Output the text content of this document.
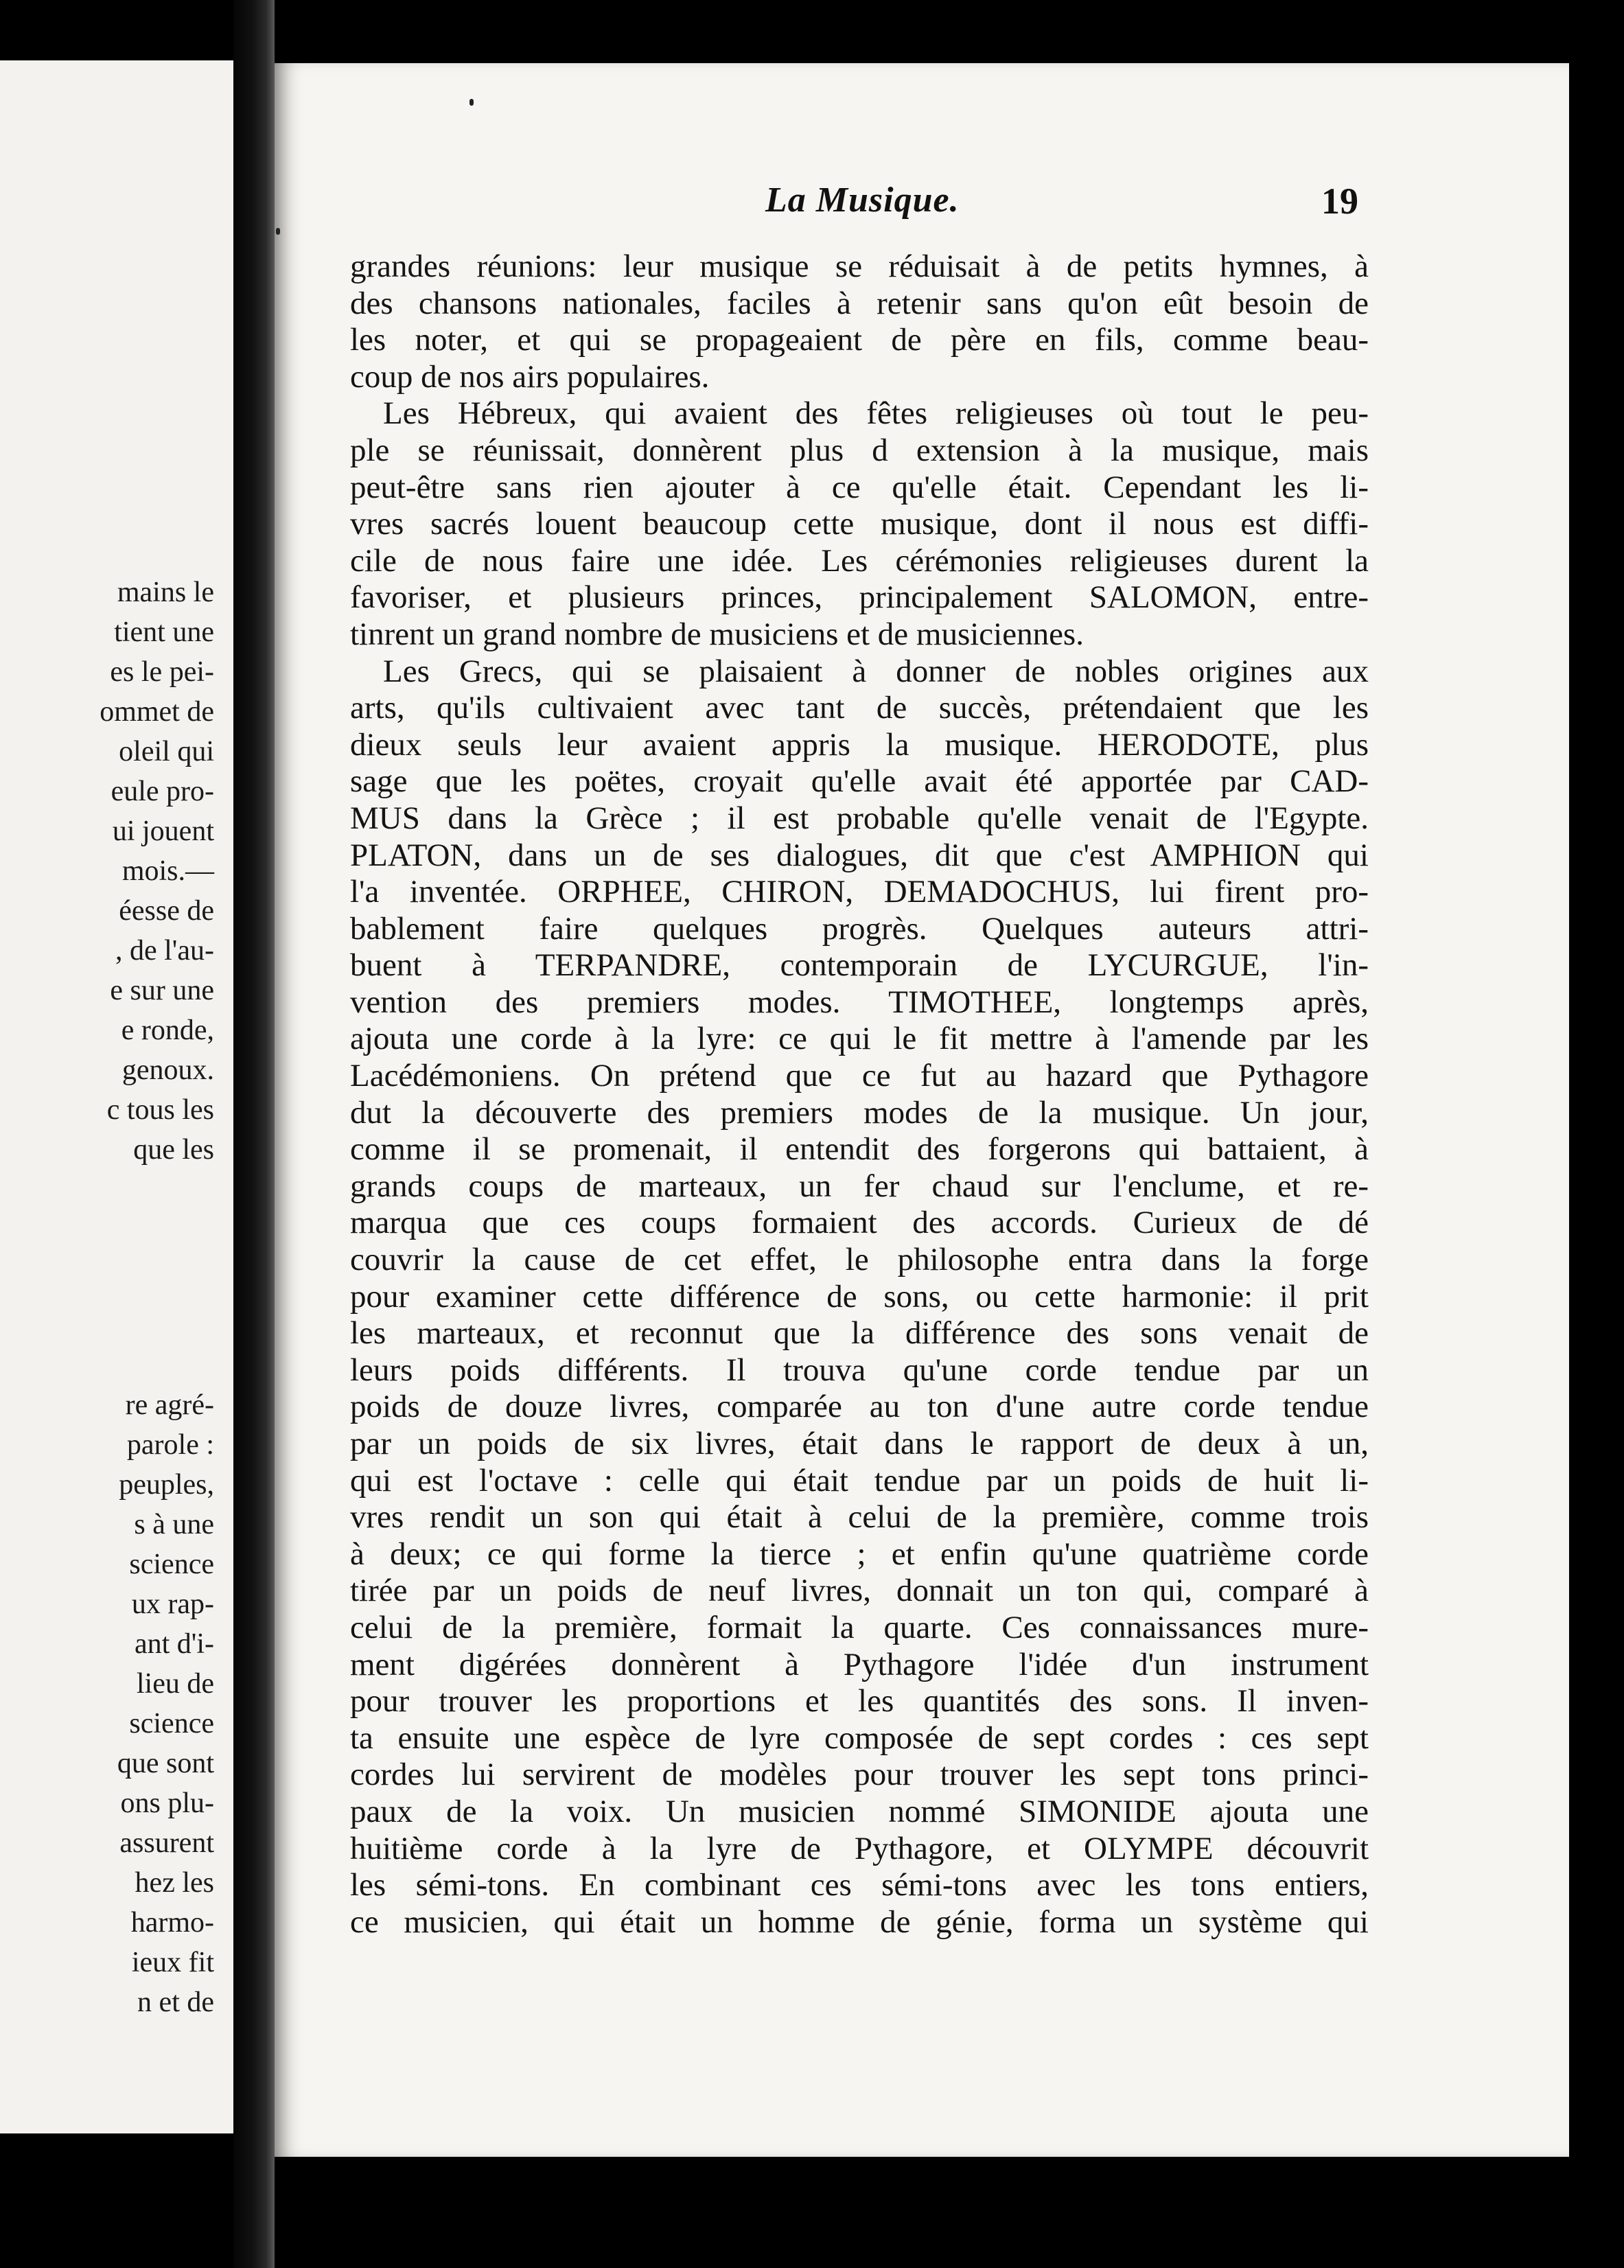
mains le
tient une
es le pei-
ommet de
oleil qui
eule pro-
ui jouent
mois.—
éesse de
, de l'au-
e sur une
e ronde,
genoux.
c tous les
que les
re agré-
parole :
peuples,
s à une
science
ux rap-
ant d'i-
lieu de
science
que sont
ons plu-
assurent
hez les
harmo-
ieux fit
n et de
La Musique.	19
grandes réunions: leur musique se réduisait à de petits hymnes, à
des chansons nationales, faciles à retenir sans qu'on eût besoin de
les noter, et qui se propageaient de père en fils, comme beau-
coup de nos airs populaires.
Les Hébreux, qui avaient des fêtes religieuses où tout le peu-
ple se réunissait, donnèrent plus d extension à la musique, mais
peut-être sans rien ajouter à ce qu'elle était. Cependant les li-
vres sacrés louent beaucoup cette musique, dont il nous est diffi-
cile de nous faire une idée. Les cérémonies religieuses durent la
favoriser, et plusieurs princes, principalement SALOMON, entre-
tinrent un grand nombre de musiciens et de musiciennes.
Les Grecs, qui se plaisaient à donner de nobles origines aux
arts, qu'ils cultivaient avec tant de succès, prétendaient que les
dieux seuls leur avaient appris la musique. HERODOTE, plus
sage que les poëtes, croyait qu'elle avait été apportée par CAD-
MUS dans la Grèce ; il est probable qu'elle venait de l'Egypte.
PLATON, dans un de ses dialogues, dit que c'est AMPHION qui
l'a inventée. ORPHEE, CHIRON, DEMADOCHUS, lui firent pro-
bablement faire quelques progrès. Quelques auteurs attri-
buent à TERPANDRE, contemporain de LYCURGUE, l'in-
vention des premiers modes. TIMOTHEE, longtemps après,
ajouta une corde à la lyre: ce qui le fit mettre à l'amende par les
Lacédémoniens. On prétend que ce fut au hazard que Pythagore
dut la découverte des premiers modes de la musique. Un jour,
comme il se promenait, il entendit des forgerons qui battaient, à
grands coups de marteaux, un fer chaud sur l'enclume, et re-
marqua que ces coups formaient des accords. Curieux de dé
couvrir la cause de cet effet, le philosophe entra dans la forge
pour examiner cette différence de sons, ou cette harmonie: il prit
les marteaux, et reconnut que la différence des sons venait de
leurs poids différents. Il trouva qu'une corde tendue par un
poids de douze livres, comparée au ton d'une autre corde tendue
par un poids de six livres, était dans le rapport de deux à un,
qui est l'octave : celle qui était tendue par un poids de huit li-
vres rendit un son qui était à celui de la première, comme trois
à deux; ce qui forme la tierce ; et enfin qu'une quatrième corde
tirée par un poids de neuf livres, donnait un ton qui, comparé à
celui de la première, formait la quarte. Ces connaissances mure-
ment digérées donnèrent à Pythagore l'idée d'un instrument
pour trouver les proportions et les quantités des sons. Il inven-
ta ensuite une espèce de lyre composée de sept cordes : ces sept
cordes lui servirent de modèles pour trouver les sept tons princi-
paux de la voix. Un musicien nommé SIMONIDE ajouta une
huitième corde à la lyre de Pythagore, et OLYMPE découvrit
les sémi-tons. En combinant ces sémi-tons avec les tons entiers,
ce musicien, qui était un homme de génie, forma un système qui
